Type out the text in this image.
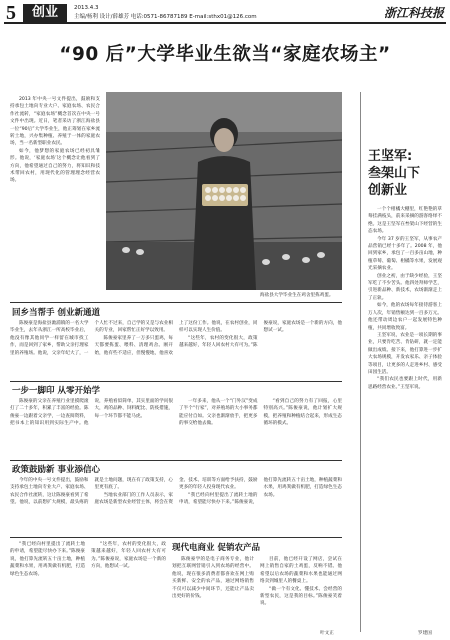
5	创业	2013.4.3
主编/杨利 设计/薛雄芳 电话:0571-86787189 E-mail:sthx01@126.com	浙江科技报
“90 后”大学毕业生欲当“家庭农场主”

2013 年中央一号文件提出，鼓励和支持承包土地向专业大户、家庭农场、农民合作社流转，“家庭农场”概念首次在中央一号文件中出现。近日，笔者采访了浙江海盐县一位“90后”大学毕业生，他正筹划在家乡流转土地，兴办集种植、养殖于一体的家庭农场，当一名新型职业农民。

如今，他梦想的家庭农场已经初具雏形。他说，‘家庭农场’这个概念让他看到了方向，他希望通过自己的努力，将知识和技术带回农村，用现代化的管理理念经营农场。

海盐县大学毕业生在鸡舍里拣鸡蛋。
回乡当帮手 创业新通道

陈俊豪是海盐县澉浦镇的一名大学毕业生，去年从浙江一所高校毕业后，他没有像其他同学一样留在城市找工作，而是回到了家乡，帮助父亲打理家里的养殖场。他说，父亲年纪大了，一个人忙不过来，自己学的又是与农业相关的专业，回家帮忙正好学以致用。

陈俊豪家里养了一万多只蛋鸡，每天都要拣蛋、喂料、清理鸡舍。刚开始，他有些不适应，但慢慢地，他喜欢上了这份工作。他说，在农村创业，同样可以实现人生价值。

“这些年，农村的变化很大，政策越来越好，年轻人回农村大有可为。”陈俊豪说，家庭农场是一个新的方向，他想试一试。

一步一脚印 从零开始学

陈俊豪的父亲在养殖行业里摸爬滚打了二十多年，积累了丰富的经验。陈俊豪一边跟着父亲学，一边查阅资料，把书本上的知识用到实际生产中。他说，养殖看似简单，其实里面的学问很大，鸡的品种、饲料配比、防疫措施，每一个环节都不能马虎。

一年多来，他从一个“门外汉”变成了半个“行家”，对养殖场的大小事务都能应付自如。父亲也渐渐放手，把更多的事交给他去做。

“看到自己的努力有了回报，心里特别高兴。”陈俊豪说，他计划扩大规模，把养殖和种植结合起来，形成生态循环的模式。

政策鼓励新 事业添信心

今年的中央一号文件提出，鼓励和支持承包土地向专业大户、家庭农场、农民合作社流转，这让陈俊豪看到了希望。他说，以前想扩大规模，最头疼的就是土地问题，现在有了政策支持，心里更有底了。

当地农业部门的工作人员表示，家庭农场是新型农业经营主体，将会在资金、技术、培训等方面给予扶持，鼓励更多的年轻人投身现代农业。

“我已经向村里提出了流转土地的申请，希望能尽快办下来。”陈俊豪说，他打算先流转五十亩土地，种植蔬菜和水果，用鸡粪做有机肥，打造绿色生态农场。

现代电商业 促销农产品

陈俊豪学的是电子商务专业，他计划把互联网营销引入到农场的经营中。他说，现在很多消费者都喜欢在网上购买新鲜、安全的农产品，通过网络销售不仅可以减少中间环节，还能让产品卖出更好的价钱。

目前，他已经开设了网店，尝试在网上销售自家的土鸡蛋，反响不错。他希望以后农场的蔬菜和水果也能通过网络卖到城里人的餐桌上。

“做一个有文化、懂技术、会经营的新型农民，这是我的目标。”陈俊豪笑着说。

“我已经向村里提出了流转土地的申请，希望能尽快办下来。”陈俊豪说，他打算先流转五十亩土地，种植蔬菜和水果，用鸡粪做有机肥，打造绿色生态农场。

“这些年，农村的变化很大，政策越来越好，年轻人回农村大有可为。”陈俊豪说，家庭农场是一个新的方向，他想试一试。

叶文正
王坚军:
叁架山下
创新业

一个个柑橘大棚里，红艳艳的草莓挂满枝头，前来采摘的游客络绎不绝。这是王坚军在叁架山下经营的生态农场。

今年 37 岁的王坚军，从事农产品营销已经十多年了。2008 年，他回到家乡，承包了一百多亩山地，种植草莓、葡萄、柑橘等水果，发展观光采摘农业。

创业之初，由于缺少经验，王坚军吃了不少苦头。他四处拜师学艺，引进新品种、新技术，农场渐渐走上了正轨。

如今，他的农场每年接待游客上万人次，年销售额达到一百多万元。他还带动周边农户一起发展特色种植，共同增收致富。

王坚军说，农业是一项长期的事业，只要肯吃苦、肯钻研，就一定能做出成绩。接下来，他打算进一步扩大农场规模，开发农家乐、亲子体验等项目，让更多的人走进乡村、感受田园生活。

“我们农民也要跟上时代，用新思路经营农业。”王坚军说。

罗建国
